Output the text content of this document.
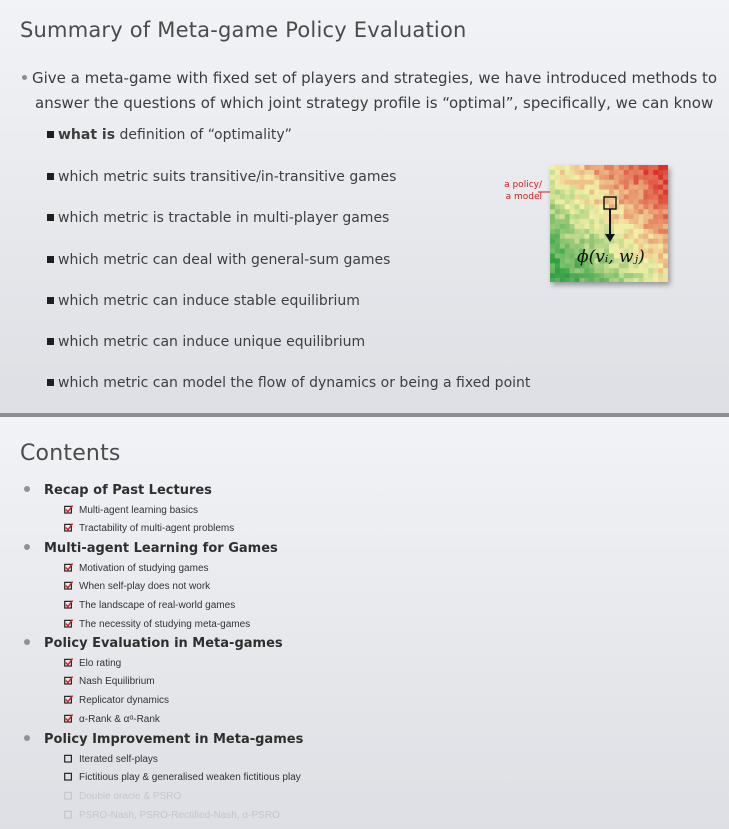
Summary of Meta-game Policy Evaluation
Give a meta-game with fixed set of players and strategies, we have introduced methods to
answer the questions of which joint strategy profile is “optimal”, specifically, we can know
what is definition of “optimality”
which metric suits transitive/in-transitive games
which metric is tractable in multi-player games
which metric can deal with general-sum games
which metric can induce stable equilibrium
which metric can induce unique equilibrium
which metric can model the flow of dynamics or being a fixed point
a policy/
a model
ϕ(vᵢ, wⱼ)
Contents
Recap of Past Lectures
Multi-agent learning basics
Tractability of multi-agent problems
Multi-agent Learning for Games
Motivation of studying games
When self-play does not work
The landscape of real-world games
The necessity of studying meta-games
Policy Evaluation in Meta-games
Elo rating
Nash Equilibrium
Replicator dynamics
α-Rank & αᵅ-Rank
Policy Improvement in Meta-games
Iterated self-plays
Fictitious play & generalised weaken fictitious play
Double oracle & PSRO
PSRO-Nash, PSRO-Rectified-Nash, α-PSRO
